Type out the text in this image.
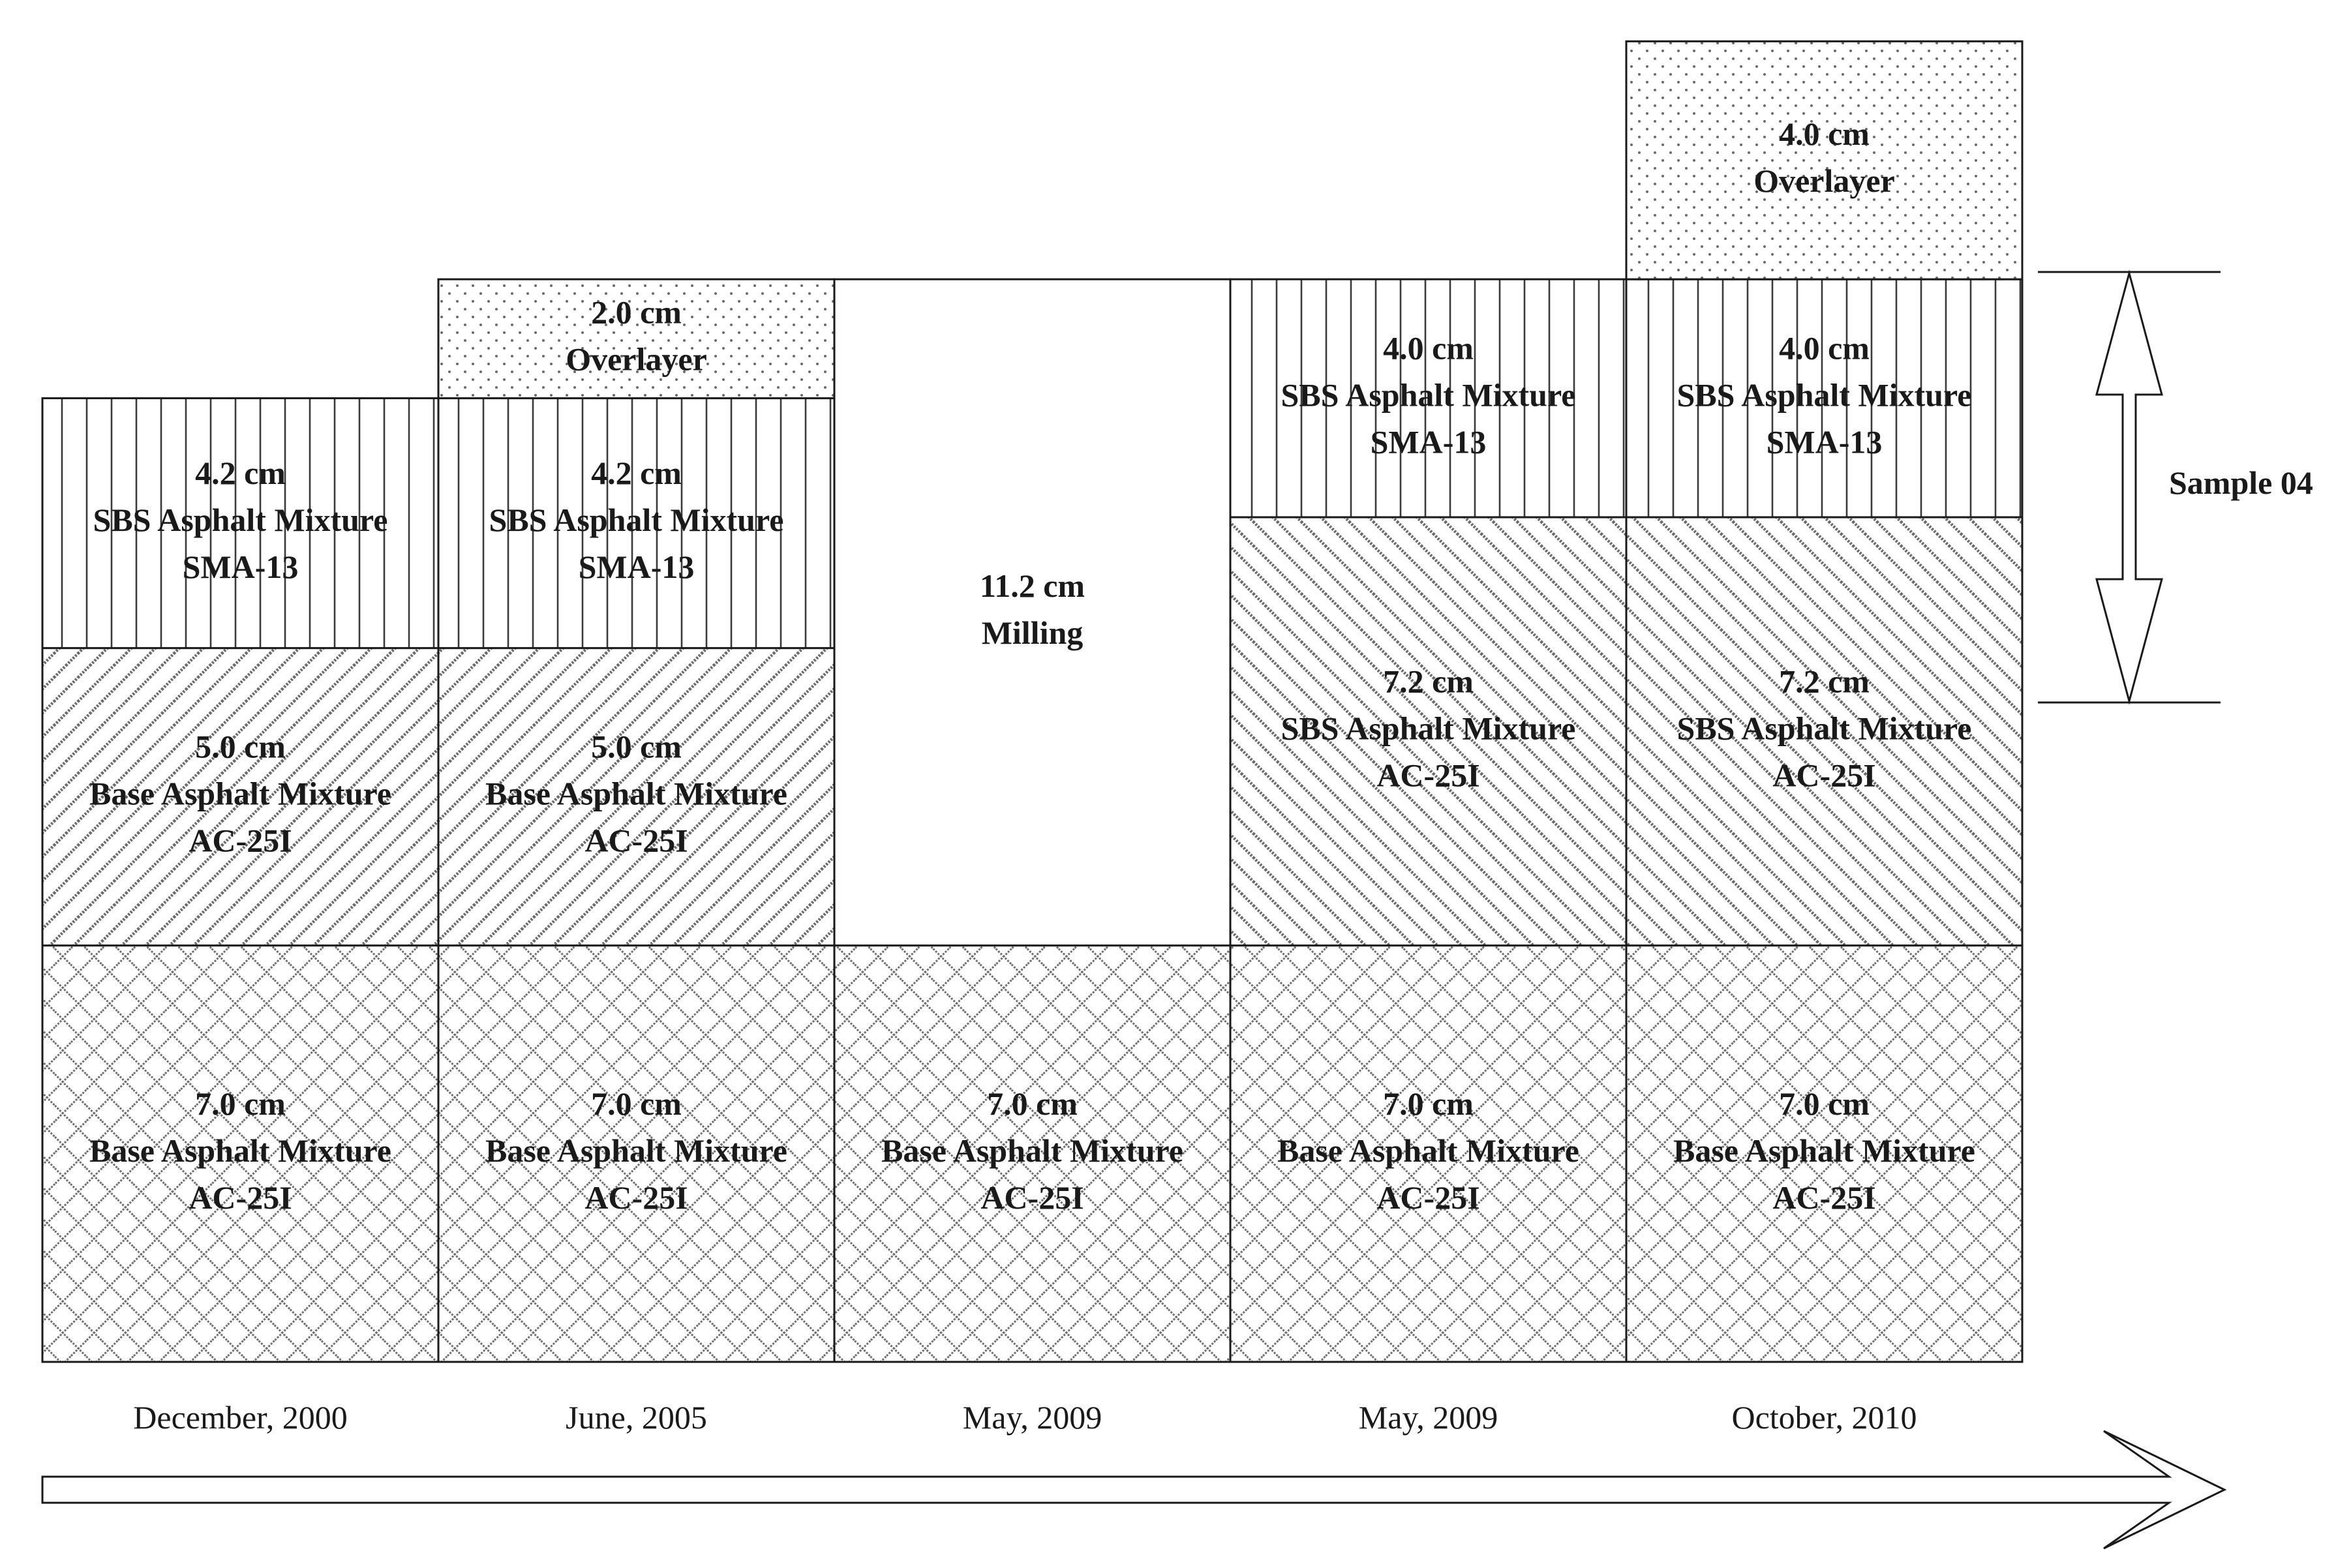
7.0 cm
Base Asphalt Mixture
AC-25I
5.0 cm
Base Asphalt Mixture
AC-25I
4.2 cm
SBS Asphalt Mixture
SMA-13
December, 2000
7.0 cm
Base Asphalt Mixture
AC-25I
5.0 cm
Base Asphalt Mixture
AC-25I
4.2 cm
SBS Asphalt Mixture
SMA-13
2.0 cm
Overlayer
June, 2005
7.0 cm
Base Asphalt Mixture
AC-25I
11.2 cm
Milling
May, 2009
7.0 cm
Base Asphalt Mixture
AC-25I
7.2 cm
SBS Asphalt Mixture
AC-25I
4.0 cm
SBS Asphalt Mixture
SMA-13
May, 2009
7.0 cm
Base Asphalt Mixture
AC-25I
7.2 cm
SBS Asphalt Mixture
AC-25I
4.0 cm
SBS Asphalt Mixture
SMA-13
4.0 cm
Overlayer
October, 2010
Sample 04
